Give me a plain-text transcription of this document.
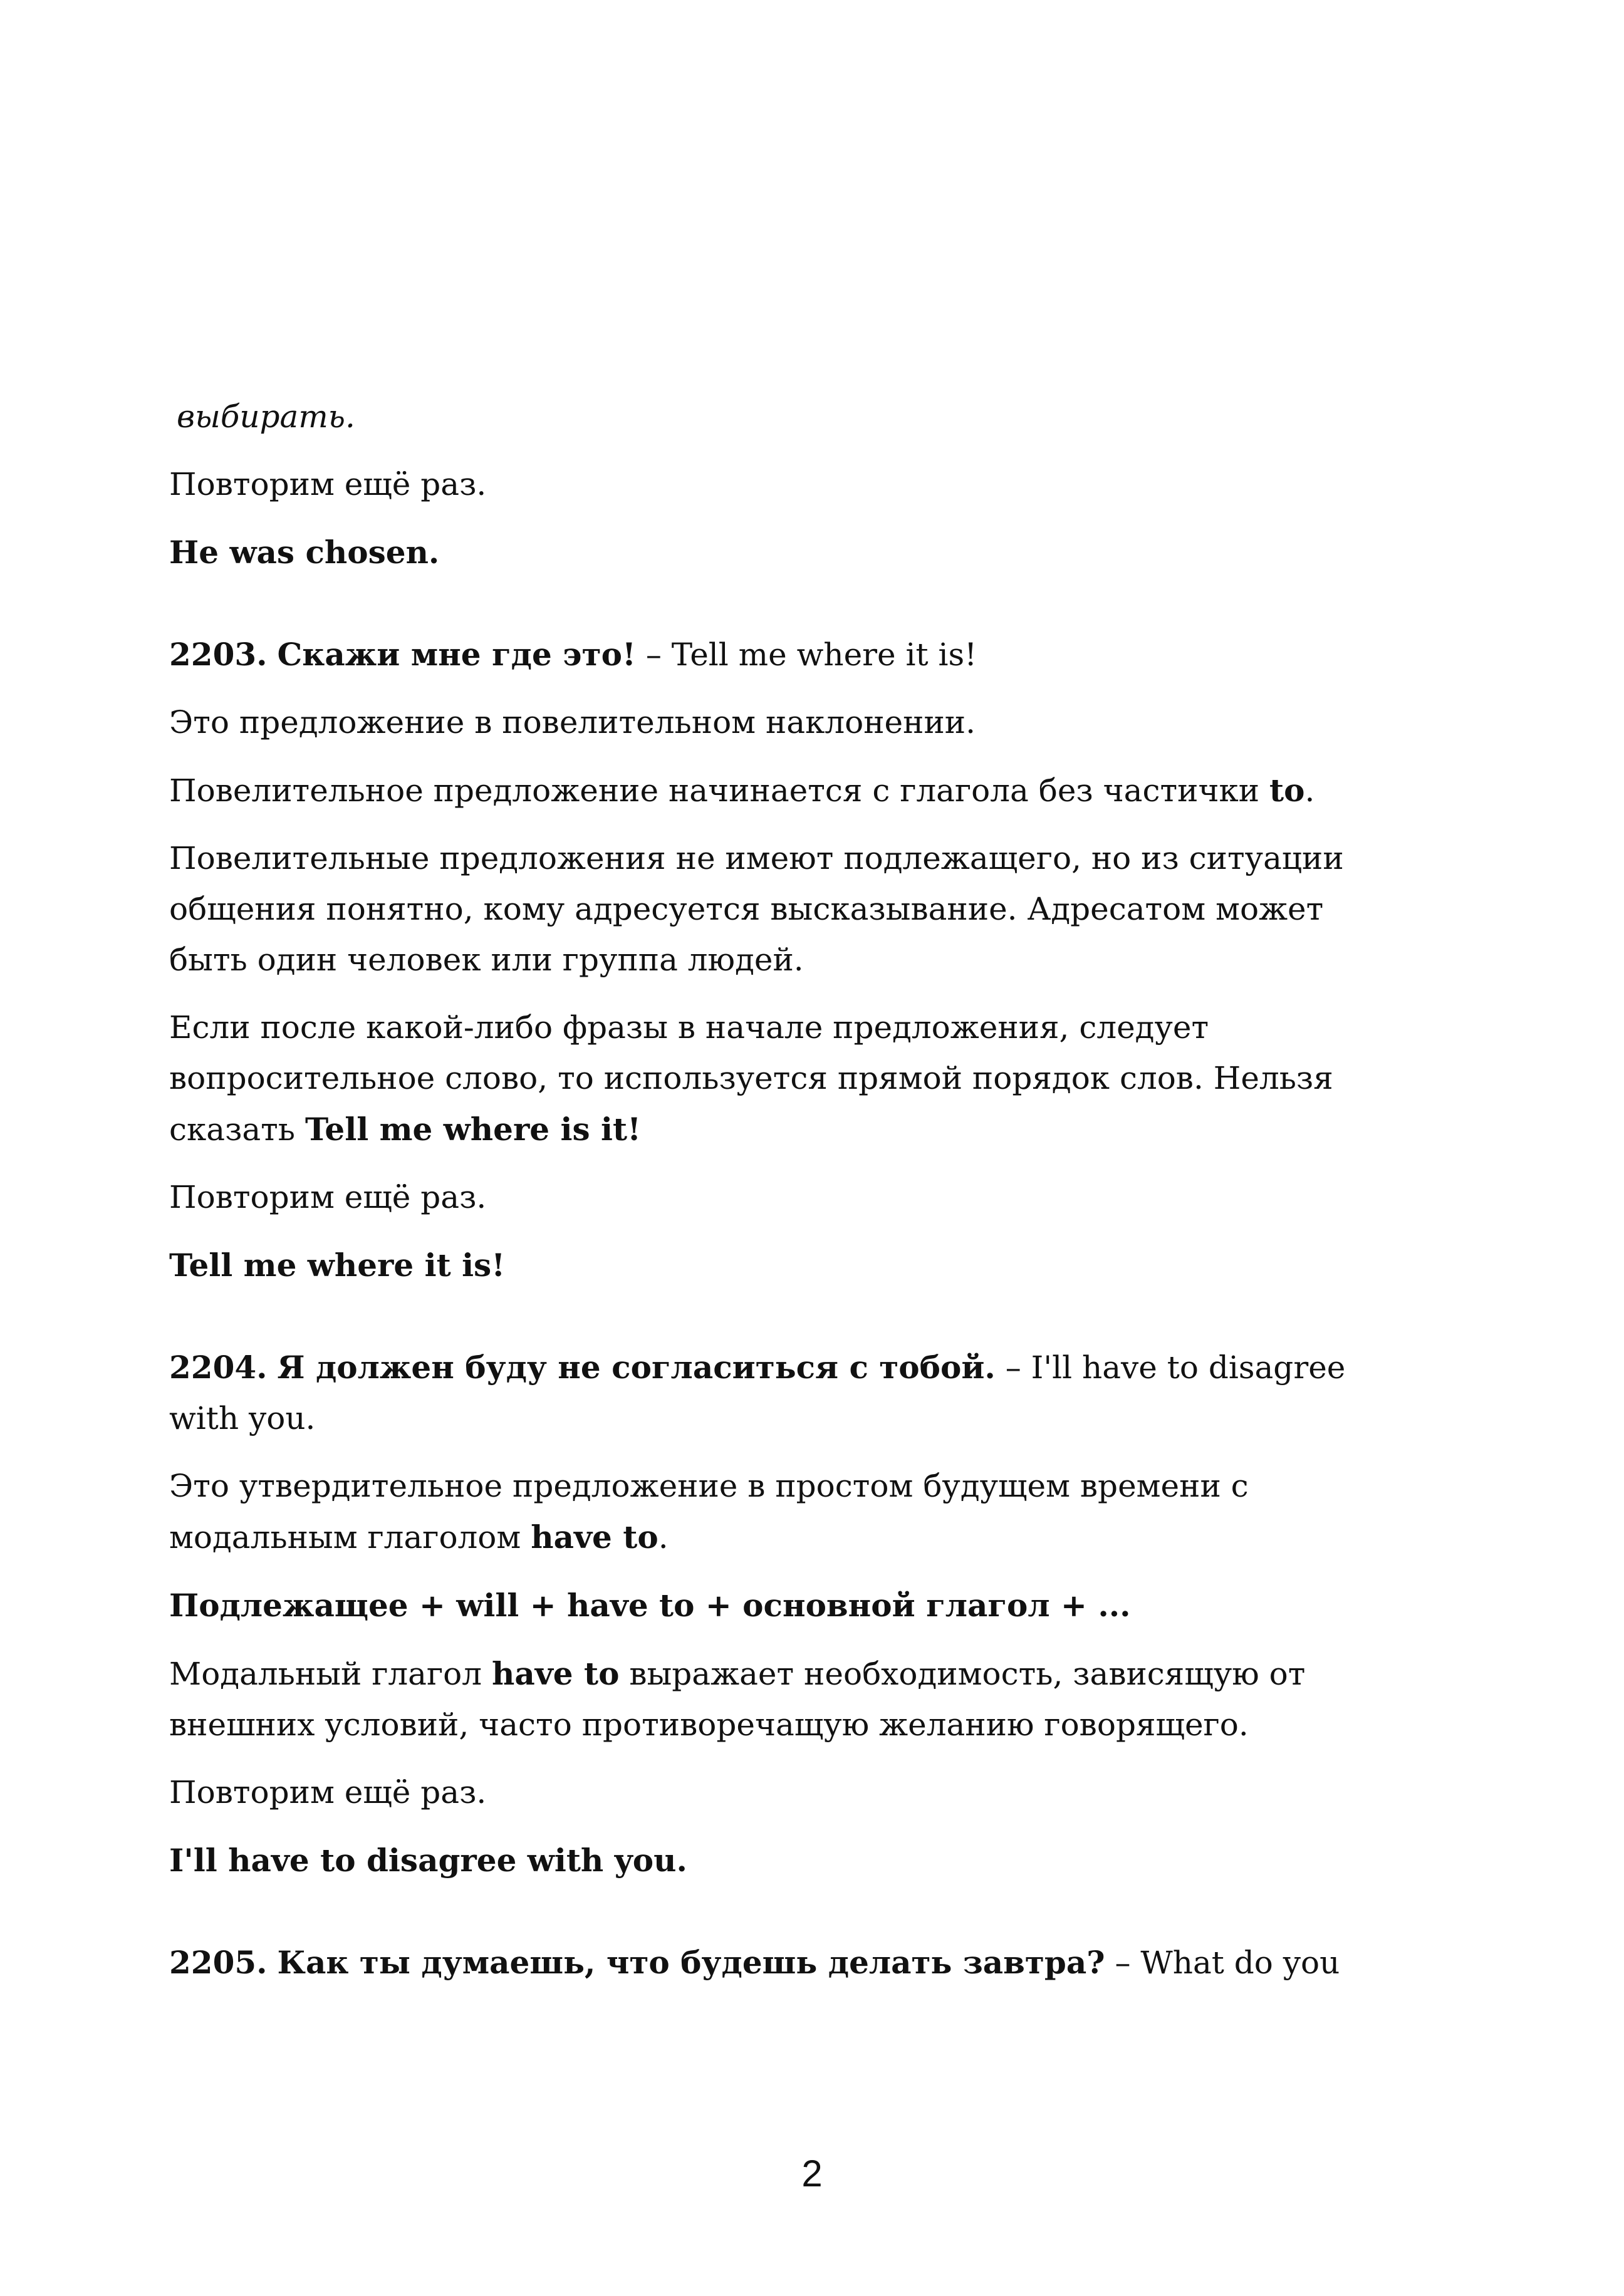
выбирать.

Повторим ещё раз.

He was chosen.

2203. Скажи мне где это! – Tell me where it is!

Это предложение в повелительном наклонении.

Повелительное предложение начинается с глагола без частички to.

Повелительные предложения не имеют подлежащего, но из ситуации общения понятно, кому адресуется высказывание. Адресатом может быть один человек или группа людей.

Если после какой-либо фразы в начале предложения, следует вопросительное слово, то используется прямой порядок слов. Нельзя сказать Tell me where is it!

Повторим ещё раз.

Tell me where it is!

2204. Я должен буду не согласиться с тобой. – I'll have to disagree with you.

Это утвердительное предложение в простом будущем времени с модальным глаголом have to.

Подлежащее + will + have to + основной глагол + ...

Модальный глагол have to выражает необходимость, зависящую от внешних условий, часто противоречащую желанию говорящего.

Повторим ещё раз.

I'll have to disagree with you.

2205. Как ты думаешь, что будешь делать завтра? – What do you

2
